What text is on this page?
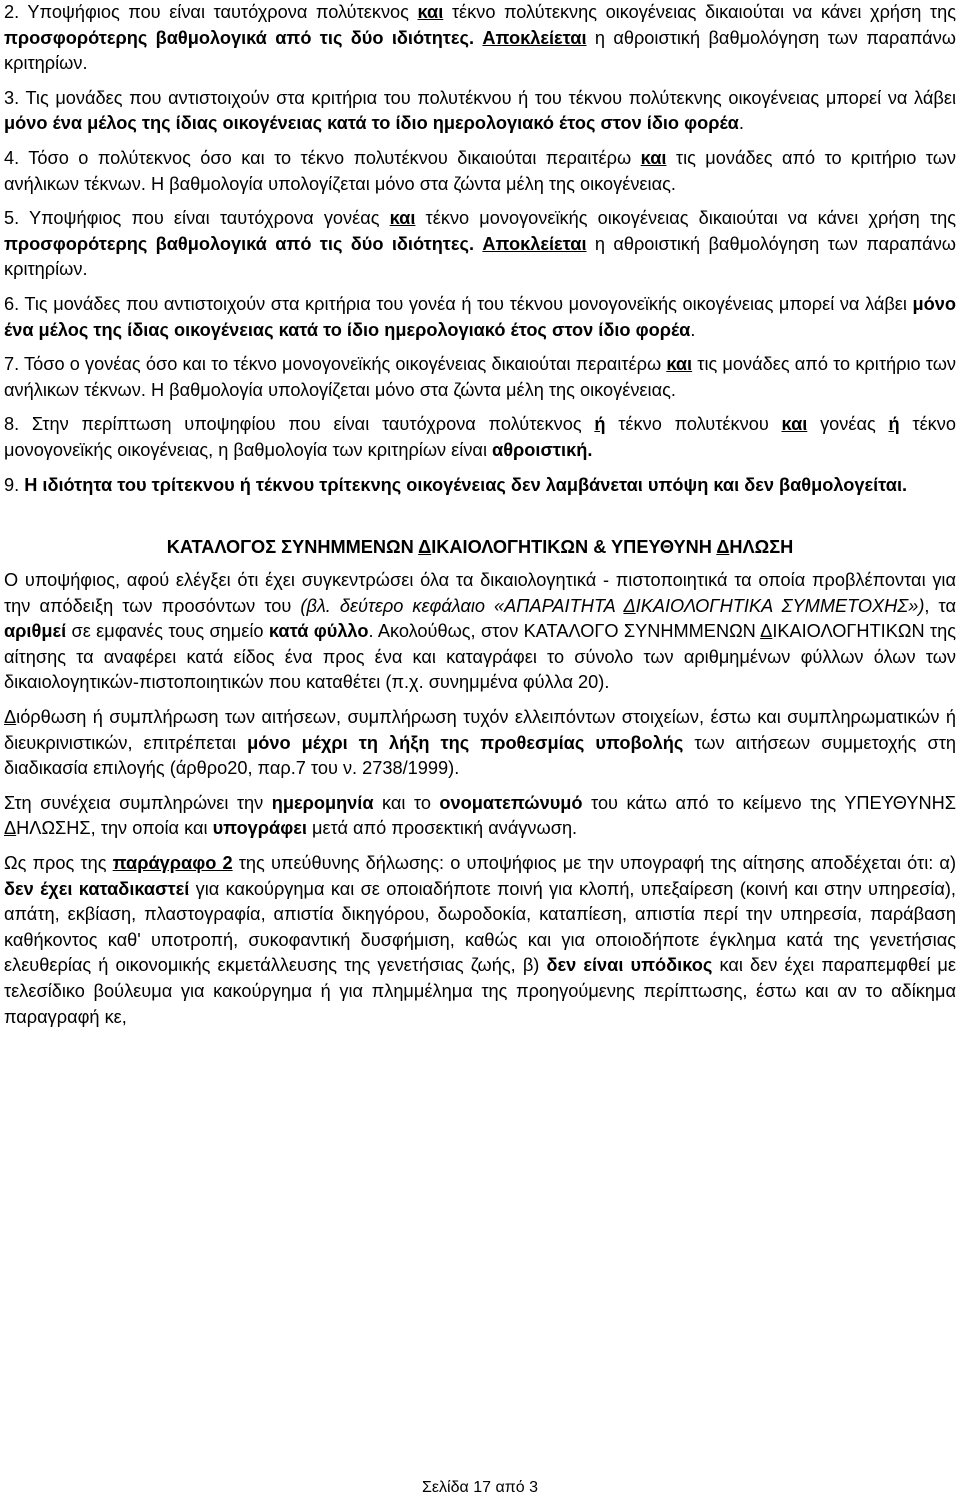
2. Υποψήφιος που είναι ταυτόχρονα πολύτεκνος και τέκνο πολύτεκνης οικογένειας δικαιούται να κάνει χρήση της προσφορότερης βαθμολογικά από τις δύο ιδιότητες. Αποκλείεται η αθροιστική βαθμολόγηση των παραπάνω κριτηρίων.

3. Τις μονάδες που αντιστοιχούν στα κριτήρια του πολυτέκνου ή του τέκνου πολύτεκνης οικογένειας μπορεί να λάβει μόνο ένα μέλος της ίδιας οικογένειας κατά το ίδιο ημερολογιακό έτος στον ίδιο φορέα.

4. Τόσο ο πολύτεκνος όσο και το τέκνο πολυτέκνου δικαιούται περαιτέρω και τις μονάδες από το κριτήριο των ανήλικων τέκνων. Η βαθμολογία υπολογίζεται μόνο στα ζώντα μέλη της οικογένειας.

5. Υποψήφιος που είναι ταυτόχρονα γονέας και τέκνο μονογονεϊκής οικογένειας δικαιούται να κάνει χρήση της προσφορότερης βαθμολογικά από τις δύο ιδιότητες. Αποκλείεται η αθροιστική βαθμολόγηση των παραπάνω κριτηρίων.

6. Τις μονάδες που αντιστοιχούν στα κριτήρια του γονέα ή του τέκνου μονογονεϊκής οικογένειας μπορεί να λάβει μόνο ένα μέλος της ίδιας οικογένειας κατά το ίδιο ημερολογιακό έτος στον ίδιο φορέα.

7. Τόσο ο γονέας όσο και το τέκνο μονογονεϊκής οικογένειας δικαιούται περαιτέρω και τις μονάδες από το κριτήριο των ανήλικων τέκνων. Η βαθμολογία υπολογίζεται μόνο στα ζώντα μέλη της οικογένειας.

8. Στην περίπτωση υποψηφίου που είναι ταυτόχρονα πολύτεκνος ή τέκνο πολυτέκνου και γονέας ή τέκνο μονογονεϊκής οικογένειας, η βαθμολογία των κριτηρίων είναι αθροιστική.

9. Η ιδιότητα του τρίτεκνου ή τέκνου τρίτεκνης οικογένειας δεν λαμβάνεται υπόψη και δεν βαθμολογείται.

ΚΑΤΑΛΟΓΟΣ ΣΥΝΗΜΜΕΝΩΝ ΔΙΚΑΙΟΛΟΓΗΤΙΚΩΝ & ΥΠΕΥΘΥΝΗ ΔΗΛΩΣΗ

Ο υποψήφιος, αφού ελέγξει ότι έχει συγκεντρώσει όλα τα δικαιολογητικά - πιστοποιητικά τα οποία προβλέπονται για την απόδειξη των προσόντων του (βλ. δεύτερο κεφάλαιο «ΑΠΑΡΑΙΤΗΤΑ ΔΙΚΑΙΟΛΟΓΗΤΙΚΑ ΣΥΜΜΕΤΟΧΗΣ»), τα αριθμεί σε εμφανές τους σημείο κατά φύλλο. Ακολούθως, στον ΚΑΤΑΛΟΓΟ ΣΥΝΗΜΜΕΝΩΝ ΔΙΚΑΙΟΛΟΓΗΤΙΚΩΝ της αίτησης τα αναφέρει κατά είδος ένα προς ένα και καταγράφει το σύνολο των αριθμημένων φύλλων όλων των δικαιολογητικών-πιστοποιητικών που καταθέτει (π.χ. συνημμένα φύλλα 20).

Διόρθωση ή συμπλήρωση των αιτήσεων, συμπλήρωση τυχόν ελλειπόντων στοιχείων, έστω και συμπληρωματικών ή διευκρινιστικών, επιτρέπεται μόνο μέχρι τη λήξη της προθεσμίας υποβολής των αιτήσεων συμμετοχής στη διαδικασία επιλογής (άρθρο20, παρ.7 του ν. 2738/1999).

Στη συνέχεια συμπληρώνει την ημερομηνία και το ονοματεπώνυμό του κάτω από το κείμενο της ΥΠΕΥΘΥΝΗΣ ΔΗΛΩΣΗΣ, την οποία και υπογράφει μετά από προσεκτική ανάγνωση.

Ως προς της παράγραφο 2 της υπεύθυνης δήλωσης: ο υποψήφιος με την υπογραφή της αίτησης αποδέχεται ότι: α) δεν έχει καταδικαστεί για κακούργημα και σε οποιαδήποτε ποινή για κλοπή, υπεξαίρεση (κοινή και στην υπηρεσία), απάτη, εκβίαση, πλαστογραφία, απιστία δικηγόρου, δωροδοκία, καταπίεση, απιστία περί την υπηρεσία, παράβαση καθήκοντος καθ' υποτροπή, συκοφαντική δυσφήμιση, καθώς και για οποιοδήποτε έγκλημα κατά της γενετήσιας ελευθερίας ή οικονομικής εκμετάλλευσης της γενετήσιας ζωής, β) δεν είναι υπόδικος και δεν έχει παραπεμφθεί με τελεσίδικο βούλευμα για κακούργημα ή για πλημμέλημα της προηγούμενης περίπτωσης, έστω και αν το αδίκημα παραγραφή κε,

Σελίδα 17 από 3
